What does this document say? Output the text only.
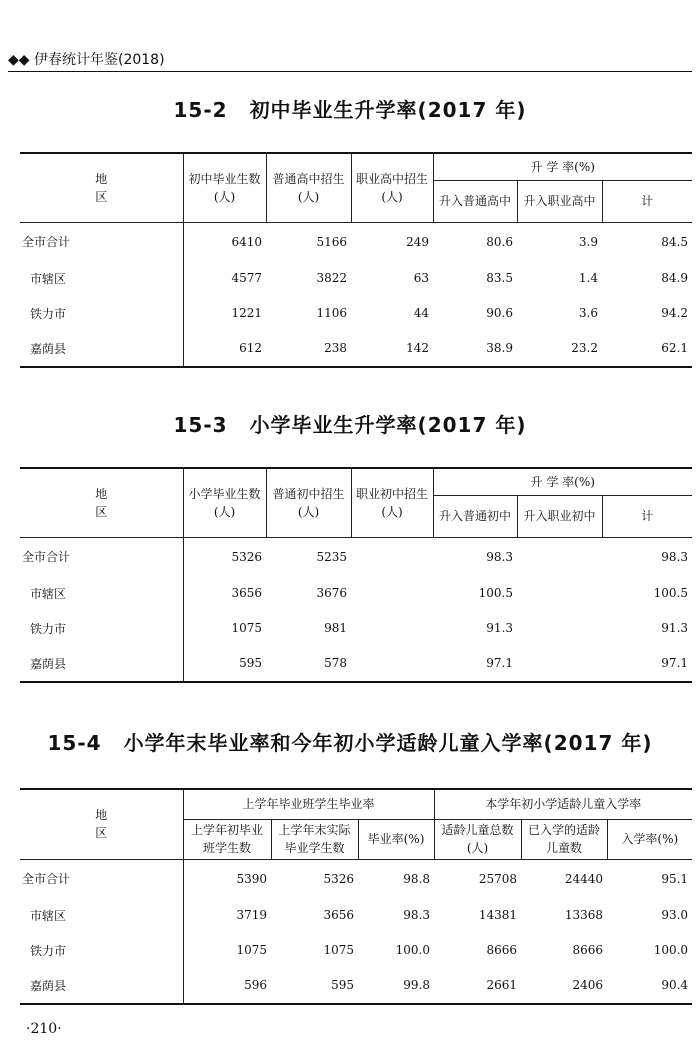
◆◆ 伊春统计年鉴(2018)
15-2 初中毕业生升学率(2017 年)
地 区	初中毕业生数(人)	普通高中招生(人)	职业高中招生(人)	升 学 率(%)		
				升入普通高中	升入职业高中	计
全市合计	6410	5166	249	80.6	3.9	84.5
市辖区	4577	3822	63	83.5	1.4	84.9
铁力市	1221	1106	44	90.6	3.6	94.2
嘉荫县	612	238	142	38.9	23.2	62.1
15-3 小学毕业生升学率(2017 年)
地 区	小学毕业生数(人)	普通初中招生(人)	职业初中招生(人)	升 学 率(%)		
				升入普通初中	升入职业初中	计
全市合计	5326	5235		98.3		98.3
市辖区	3656	3676		100.5		100.5
铁力市	1075	981		91.3		91.3
嘉荫县	595	578		97.1		97.1
15-4 小学年末毕业率和今年初小学适龄儿童入学率(2017 年)
地 区	上学年毕业班学生毕业率			本学年初小学适龄儿童入学率		
	上学年初毕业班学生数	上学年末实际毕业学生数	毕业率(%)	适龄儿童总数(人)	已入学的适龄儿童数	入学率(%)
全市合计	5390	5326	98.8	25708	24440	95.1
市辖区	3719	3656	98.3	14381	13368	93.0
铁力市	1075	1075	100.0	8666	8666	100.0
嘉荫县	596	595	99.8	2661	2406	90.4
·210·
